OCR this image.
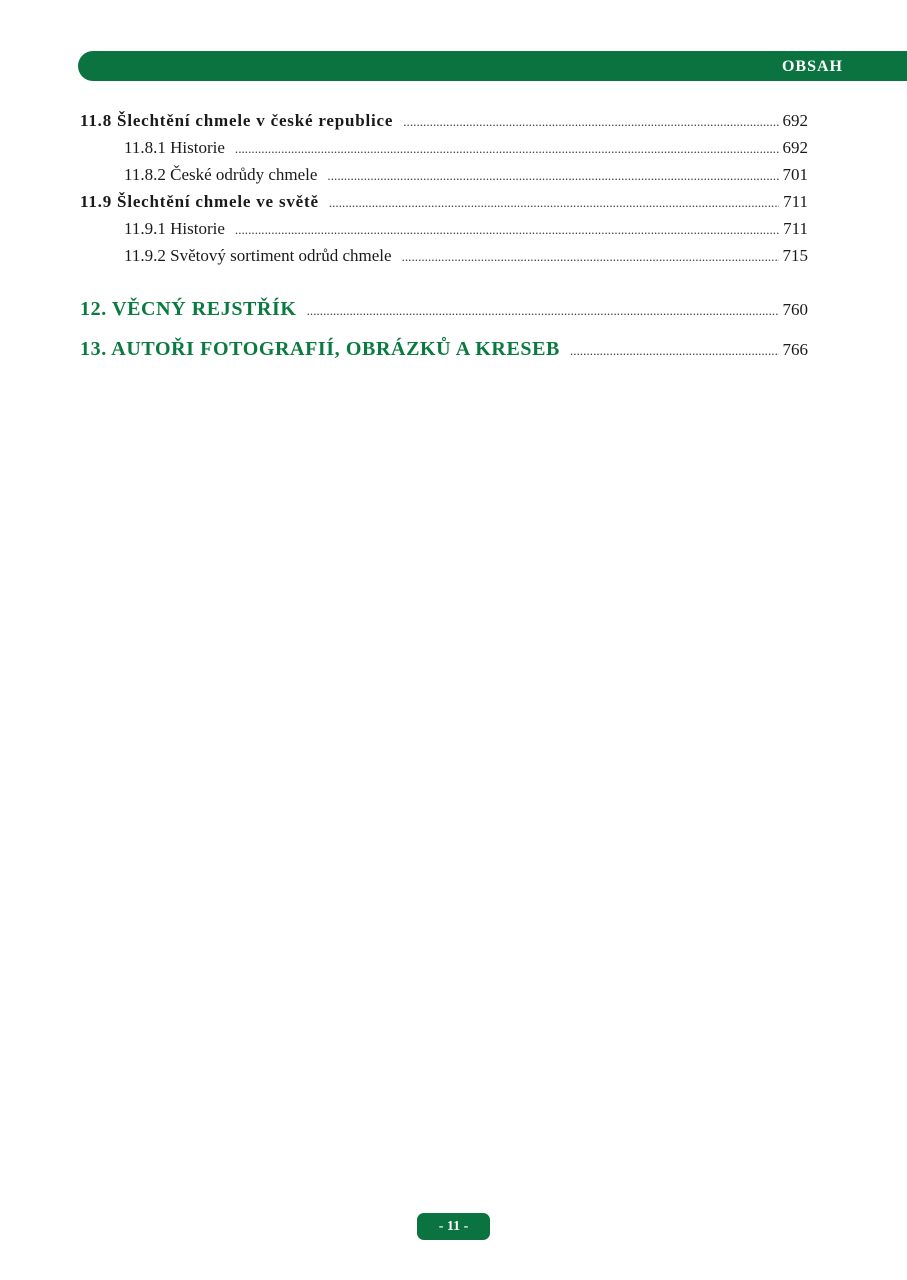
OBSAH
11.8 Šlechtění chmele v české republice . . .	692
11.8.1 Historie . . .	692
11.8.2 České odrůdy chmele . . .	701
11.9 Šlechtění chmele ve světě . . .	711
11.9.1 Historie . . .	711
11.9.2 Světový sortiment odrůd chmele . . .	715
12. VĚCNÝ REJSTŘÍK . . .	760
13. AUTOŘI FOTOGRAFIÍ, OBRÁZKŮ A KRESEB . . .	766
- 11 -
